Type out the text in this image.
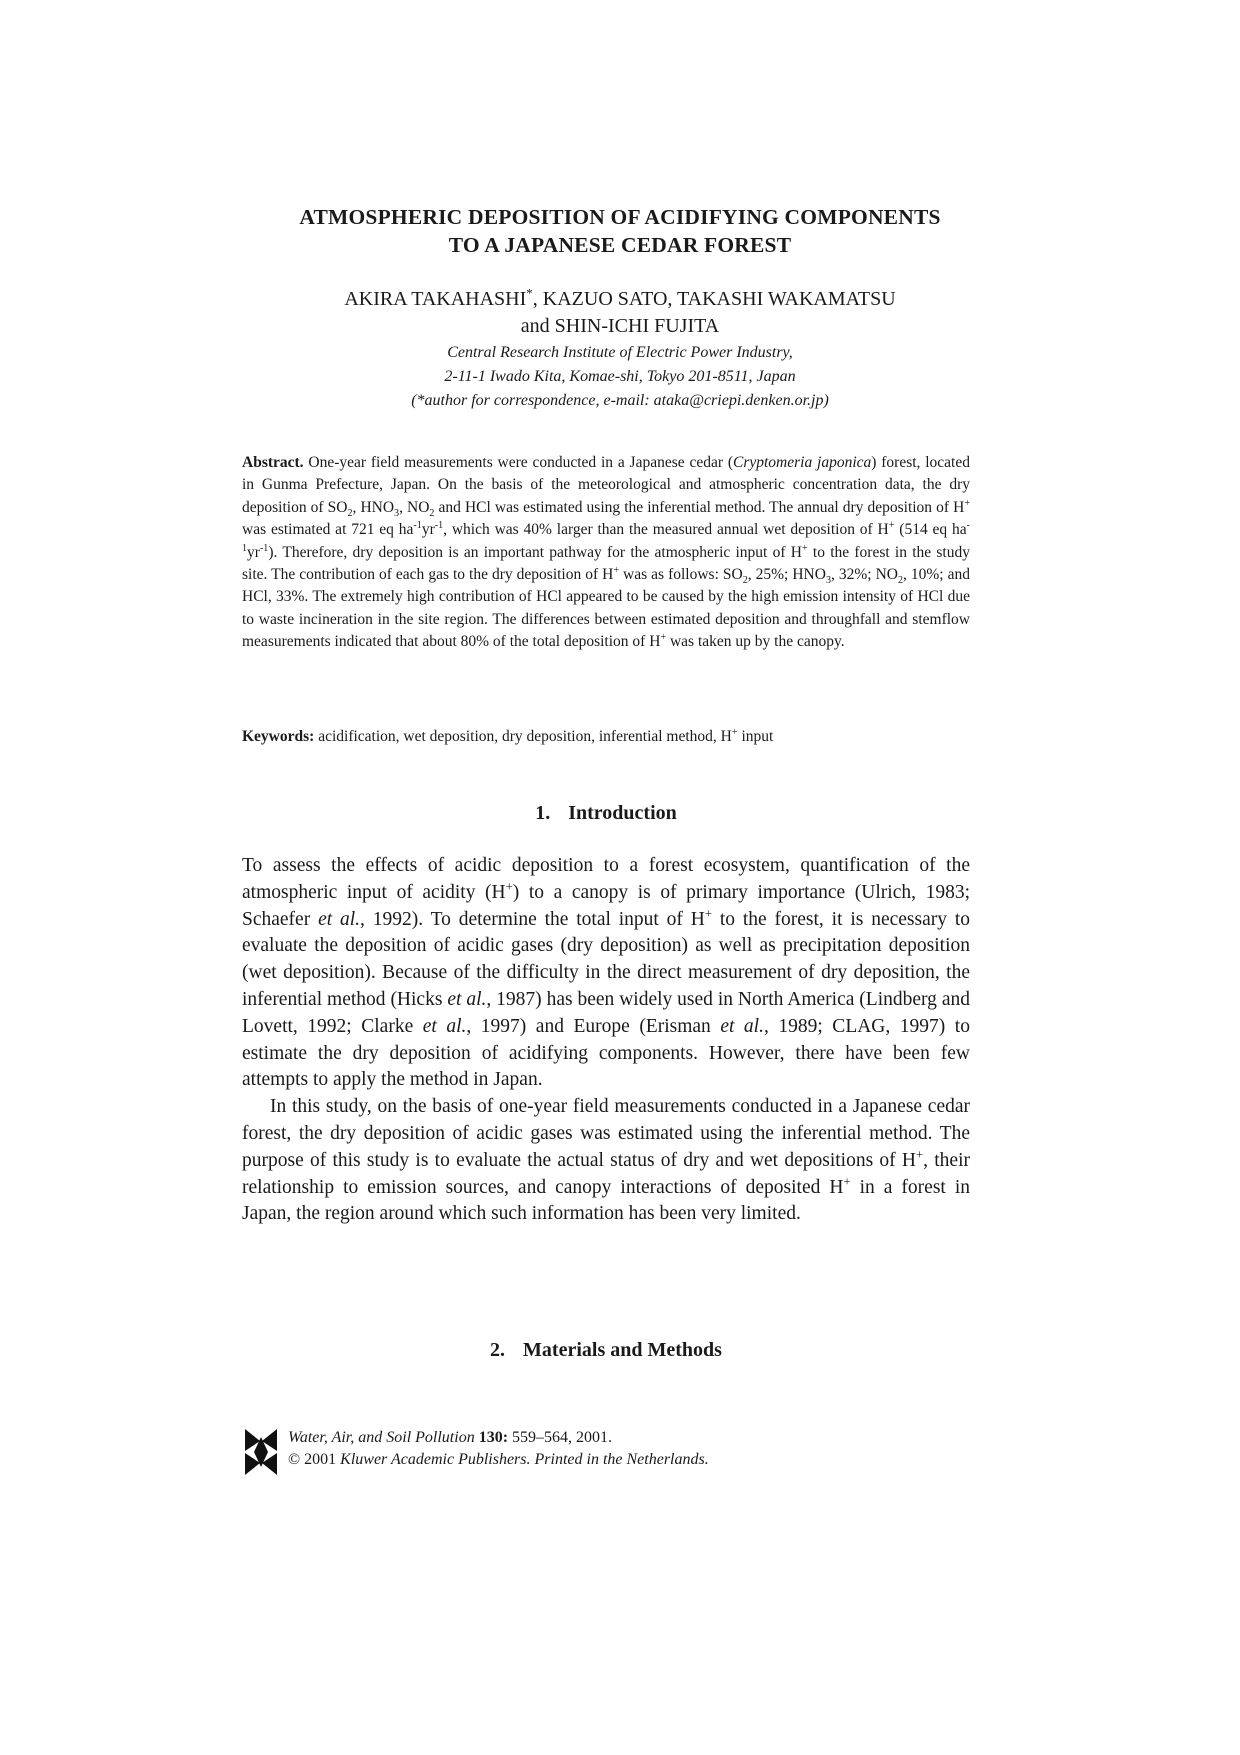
ATMOSPHERIC DEPOSITION OF ACIDIFYING COMPONENTS
TO A JAPANESE CEDAR FOREST
AKIRA TAKAHASHI*, KAZUO SATO, TAKASHI WAKAMATSU
and SHIN-ICHI FUJITA
Central Research Institute of Electric Power Industry,
2-11-1 Iwado Kita, Komae-shi, Tokyo 201-8511, Japan
(*author for correspondence, e-mail: ataka@criepi.denken.or.jp)
Abstract. One-year field measurements were conducted in a Japanese cedar (Cryptomeria japonica) forest, located in Gunma Prefecture, Japan. On the basis of the meteorological and atmospheric concentration data, the dry deposition of $SO_2$, $HNO_3$, $NO_2$ and HCl was estimated using the inferential method. The annual dry deposition of H+ was estimated at 721 eq $ha^{-1}yr^{-1}$, which was 40% larger than the measured annual wet deposition of H+ (514 eq $ha^{-1}yr^{-1}$). Therefore, dry deposition is an important pathway for the atmospheric input of H+ to the forest in the study site. The contribution of each gas to the dry deposition of H+ was as follows: $SO_2$, 25%; $HNO_3$, 32%; $NO_2$, 10%; and HCl, 33%. The extremely high contribution of HCl appeared to be caused by the high emission intensity of HCl due to waste incineration in the site region. The differences between estimated deposition and throughfall and stemflow measurements indicated that about 80% of the total deposition of H+ was taken up by the canopy.
Keywords: acidification, wet deposition, dry deposition, inferential method, H+ input
1. Introduction

To assess the effects of acidic deposition to a forest ecosystem, quantification of the atmospheric input of acidity (H+) to a canopy is of primary importance (Ulrich, 1983; Schaefer et al., 1992). To determine the total input of H+ to the forest, it is necessary to evaluate the deposition of acidic gases (dry deposition) as well as precipitation deposition (wet deposition). Because of the difficulty in the direct measurement of dry deposition, the inferential method (Hicks et al., 1987) has been widely used in North America (Lindberg and Lovett, 1992; Clarke et al., 1997) and Europe (Erisman et al., 1989; CLAG, 1997) to estimate the dry deposition of acidifying components. However, there have been few attempts to apply the method in Japan.

In this study, on the basis of one-year field measurements conducted in a Japanese cedar forest, the dry deposition of acidic gases was estimated using the inferential method. The purpose of this study is to evaluate the actual status of dry and wet depositions of H+, their relationship to emission sources, and canopy interactions of deposited H+ in a forest in Japan, the region around which such information has been very limited.

2. Materials and Methods
Water, Air, and Soil Pollution 130: 559–564, 2001.
© 2001 Kluwer Academic Publishers. Printed in the Netherlands.
